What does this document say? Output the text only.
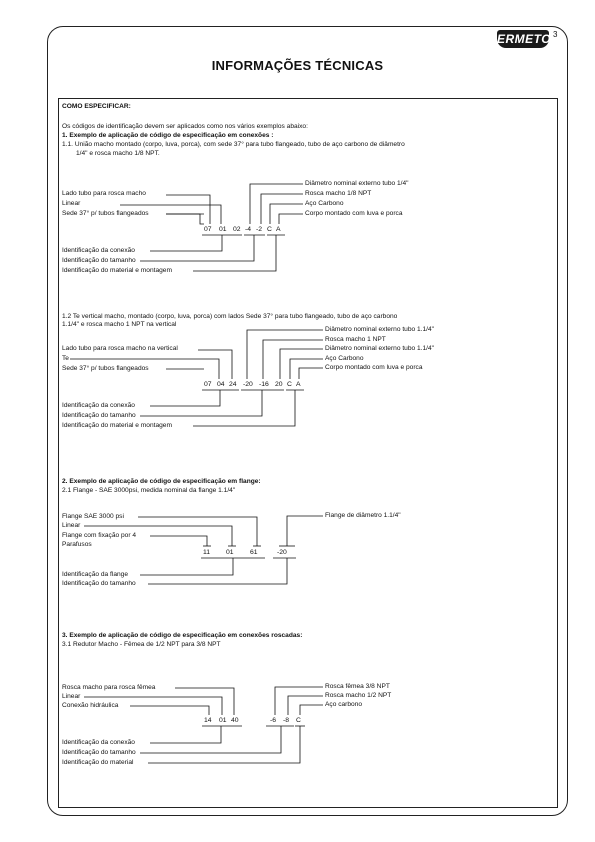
ERMETO 3
INFORMAÇÕES TÉCNICAS
COMO ESPECIFICAR:
Os códigos de identificação devem ser aplicados como nos vários exemplos abaixo:
1. Exemplo de aplicação de código de especificação em conexões :
1.1. União macho montado (corpo, luva, porca), com sede 37° para tubo flangeado, tubo de aço carbono de diâmetro
1/4" e rosca macho 1/8 NPT.
Lado tubo para rosca macho
Linear
Sede 37° p/ tubos flangeados
Diâmetro nominal externo tubo 1/4"
Rosca macho 1/8 NPT
Aço Carbono
Corpo montado com luva e porca
07 01 02 -4 -2 C A
Identificação da conexão
Identificação do tamanho
Identificação do material e montagem
1.2 Te vertical macho, montado (corpo, luva, porca) com lados Sede 37° para tubo flangeado, tubo de aço carbono
1.1/4" e rosca macho 1 NPT na vertical
Lado tubo para rosca macho na vertical
Te
Sede 37° p/ tubos flangeados
Diâmetro nominal externo tubo 1.1/4"
Rosca macho 1 NPT
Diâmetro nominal externo tubo 1.1/4"
Aço Carbono
Corpo montado com luva e porca
07 04 24 -20 -16 20 C A
Identificação da conexão
Identificação do tamanho
Identificação do material e montagem
2. Exemplo de aplicação de código de especificação em flange:
2.1 Flange - SAE 3000psi, medida nominal da flange 1.1/4"
Flange SAE 3000 psi
Linear
Flange com fixação por 4
Parafusos
Flange de diâmetro 1.1/4"
11 01 61	-20
Identificação da flange
Identificação do tamanho
3. Exemplo de aplicação de código de especificação em conexões roscadas:
3.1 Redutor Macho - Fêmea de 1/2 NPT para 3/8 NPT
Rosca macho para rosca fêmea
Linear
Conexão hidráulica
Rosca fêmea 3/8 NPT
Rosca macho 1/2 NPT
Aço carbono
14 01 40	-6 -8 C
Identificação da conexão
Identificação do tamanho
Identificação do material
